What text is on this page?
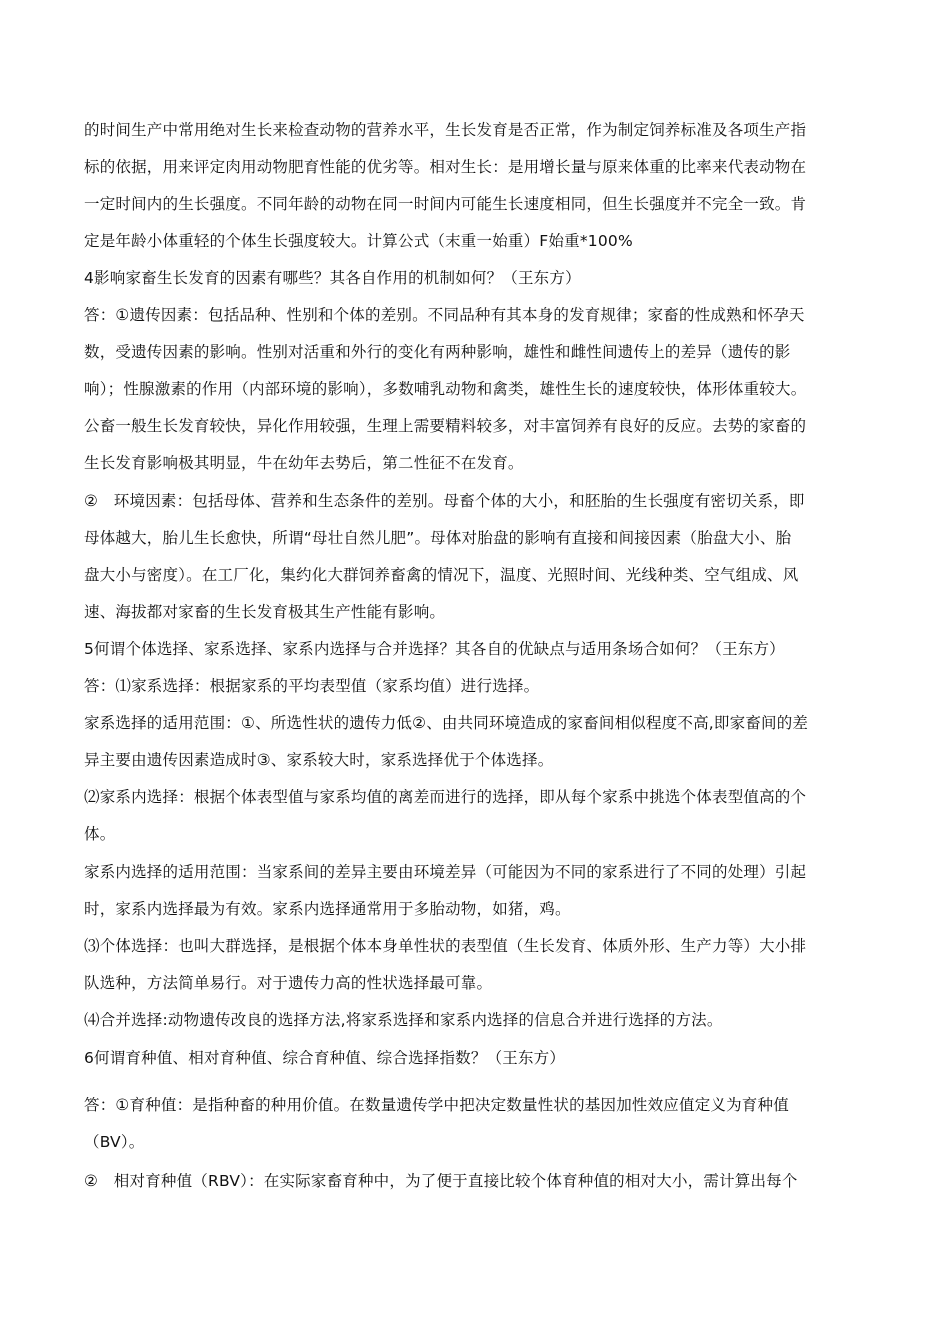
的时间生产中常用绝对生长来检查动物的营养水平，生长发育是否正常，作为制定饲养标准及各项生产指
标的依据，用来评定肉用动物肥育性能的优劣等。相对生长：是用增长量与原来体重的比率来代表动物在
一定时间内的生长强度。不同年龄的动物在同一时间内可能生长速度相同，但生长强度并不完全一致。肯
定是年龄小体重轻的个体生长强度较大。计算公式（末重一始重）F始重*100%
4影响家畜生长发育的因素有哪些？其各自作用的机制如何？（王东方）
答：①遗传因素：包括品种、性别和个体的差别。不同品种有其本身的发育规律；家畜的性成熟和怀孕天
数，受遗传因素的影响。性别对活重和外行的变化有两种影响，雄性和雌性间遗传上的差异（遗传的影
响）；性腺激素的作用（内部环境的影响），多数哺乳动物和禽类，雄性生长的速度较快，体形体重较大。
公畜一般生长发育较快，异化作用较强，生理上需要精料较多，对丰富饲养有良好的反应。去势的家畜的
生长发育影响极其明显，牛在幼年去势后，第二性征不在发育。
②　环境因素：包括母体、营养和生态条件的差别。母畜个体的大小，和胚胎的生长强度有密切关系，即
母体越大，胎儿生长愈快，所谓“母壮自然儿肥”。母体对胎盘的影响有直接和间接因素（胎盘大小、胎
盘大小与密度）。在工厂化，集约化大群饲养畜禽的情况下，温度、光照时间、光线种类、空气组成、风
速、海拔都对家畜的生长发育极其生产性能有影响。
5何谓个体选择、家系选择、家系内选择与合并选择？其各自的优缺点与适用条场合如何？（王东方）
答：⑴家系选择：根据家系的平均表型值（家系均值）进行选择。
家系选择的适用范围：①、所选性状的遗传力低②、由共同环境造成的家畜间相似程度不高,即家畜间的差
异主要由遗传因素造成时③、家系较大时，家系选择优于个体选择。
⑵家系内选择：根据个体表型值与家系均值的离差而进行的选择，即从每个家系中挑选个体表型值高的个
体。
家系内选择的适用范围：当家系间的差异主要由环境差异（可能因为不同的家系进行了不同的处理）引起
时，家系内选择最为有效。家系内选择通常用于多胎动物，如猪，鸡。
⑶个体选择：也叫大群选择，是根据个体本身单性状的表型值（生长发育、体质外形、生产力等）大小排
队选种，方法简单易行。对于遗传力高的性状选择最可靠。
⑷合并选择:动物遗传改良的选择方法,将家系选择和家系内选择的信息合并进行选择的方法。
6何谓育种值、相对育种值、综合育种值、综合选择指数？（王东方）
答：①育种值：是指种畜的种用价值。在数量遗传学中把决定数量性状的基因加性效应值定义为育种值
（BV）。
②　相对育种值（RBV）：在实际家畜育种中，为了便于直接比较个体育种值的相对大小，需计算出每个
